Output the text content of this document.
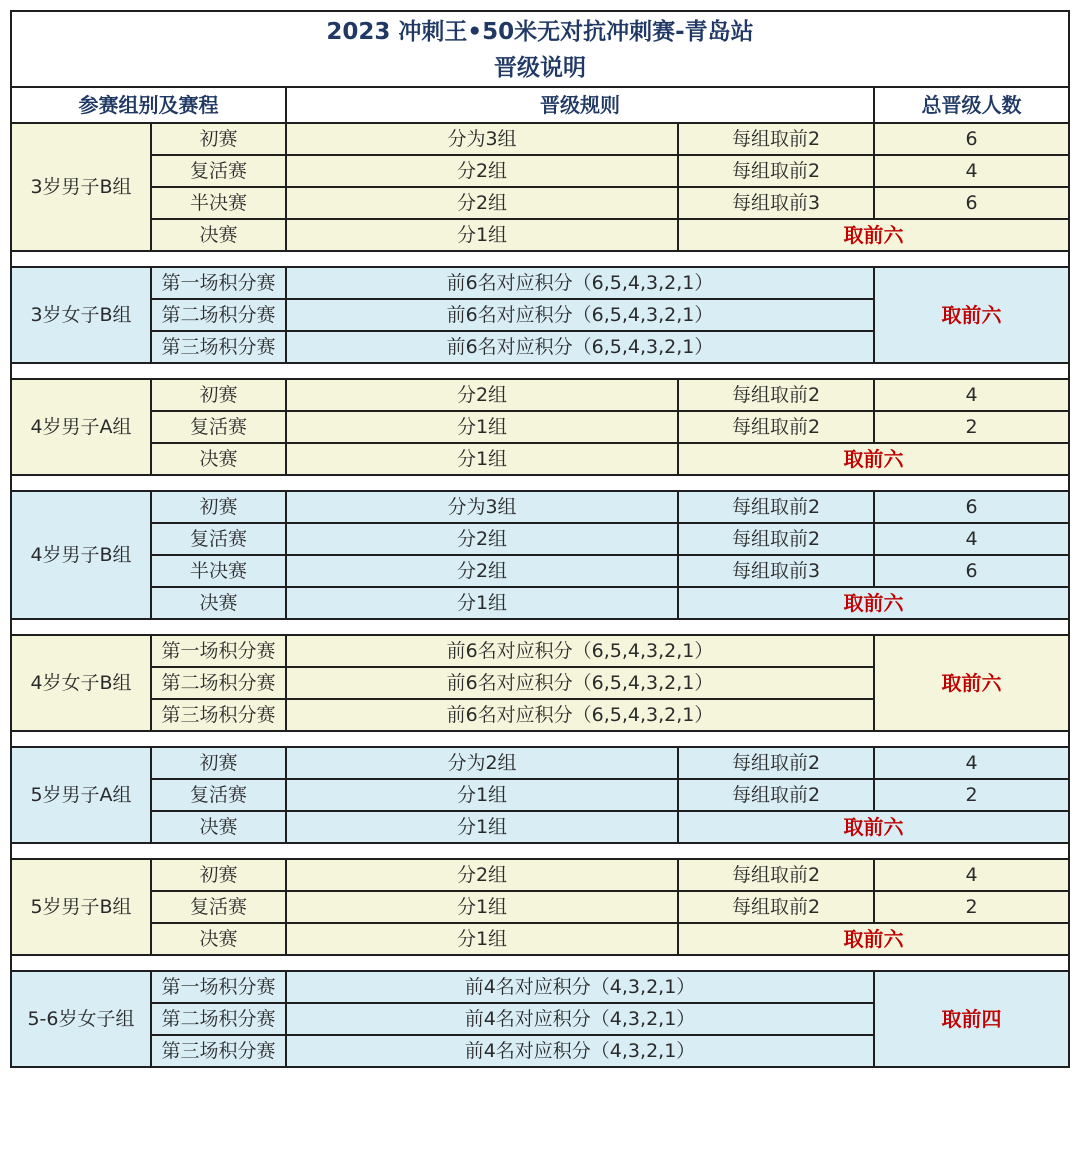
2023 冲刺王•50米无对抗冲刺赛-青岛站
晋级说明				

参赛组别及赛程		晋级规则		总晋级人数
3岁男子B组	初赛	分为3组	每组取前2	6
	复活赛	分2组	每组取前2	4
	半决赛	分2组	每组取前3	6
	决赛	分1组	取前六	

3岁女子B组	第一场积分赛	前6名对应积分（6,5,4,3,2,1）		取前六
	第二场积分赛	前6名对应积分（6,5,4,3,2,1）		
	第三场积分赛	前6名对应积分（6,5,4,3,2,1）		

4岁男子A组	初赛	分2组	每组取前2	4
	复活赛	分1组	每组取前2	2
	决赛	分1组	取前六	

4岁男子B组	初赛	分为3组	每组取前2	6
	复活赛	分2组	每组取前2	4
	半决赛	分2组	每组取前3	6
	决赛	分1组	取前六	

4岁女子B组	第一场积分赛	前6名对应积分（6,5,4,3,2,1）		取前六
	第二场积分赛	前6名对应积分（6,5,4,3,2,1）		
	第三场积分赛	前6名对应积分（6,5,4,3,2,1）		

5岁男子A组	初赛	分为2组	每组取前2	4
	复活赛	分1组	每组取前2	2
	决赛	分1组	取前六	

5岁男子B组	初赛	分2组	每组取前2	4
	复活赛	分1组	每组取前2	2
	决赛	分1组	取前六	

5-6岁女子组	第一场积分赛	前4名对应积分（4,3,2,1）		取前四
	第二场积分赛	前4名对应积分（4,3,2,1）		
	第三场积分赛	前4名对应积分（4,3,2,1）		
